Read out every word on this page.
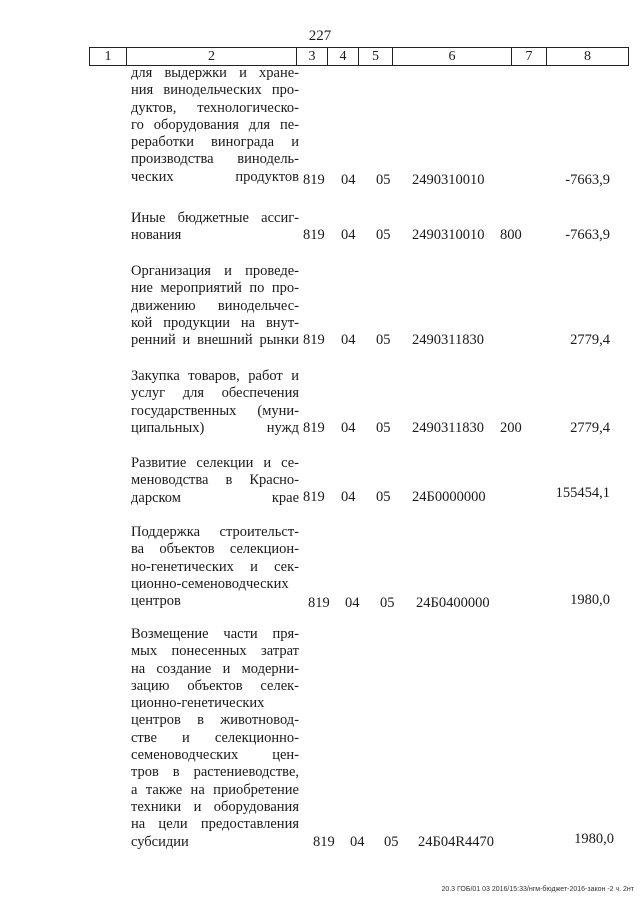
227
1	2	3	4	5	6	7	8
для выдержки и хране-
ния винодельческих про-
дуктов, технологическо-
го оборудования для пе-
реработки винограда и
производства винодель-
ческих продуктов 819 04 05 2490310010	-7663,9
Иные бюджетные ассиг-
нования	819 04 05 2490310010 800	-7663,9
Организация и проведе-
ние мероприятий по про-
движению винодельчес-
кой продукции на внут-
ренний и внешний рынки 819 04 05 2490311830	2779,4
Закупка товаров, работ и
услуг для обеспечения
государственных (муни-
ципальных) нужд 819 04 05 2490311830 200	2779,4
Развитие селекции и се-
меноводства в Красно-
дарском крае 819 04 05 24Б0000000	155454,1
Поддержка строительст-
ва объектов селекцион-
но-генетических и сек-
ционно-семеноводческих
центров	819 04 05 24Б0400000	1980,0
Возмещение части пря-
мых понесенных затрат
на создание и модерни-
зацию объектов селек-
ционно-генетических
центров в животновод-
стве и селекционно-
семеноводческих цен-
тров в растениеводстве,
а также на приобретение
техники и оборудования
на цели предоставления
субсидии	819 04 05 24Б04R4470	1980,0
20.3 ГОБ/01 03 2016/15:33/нгм-бюджет-2016-закон -2 ч. 2нт
